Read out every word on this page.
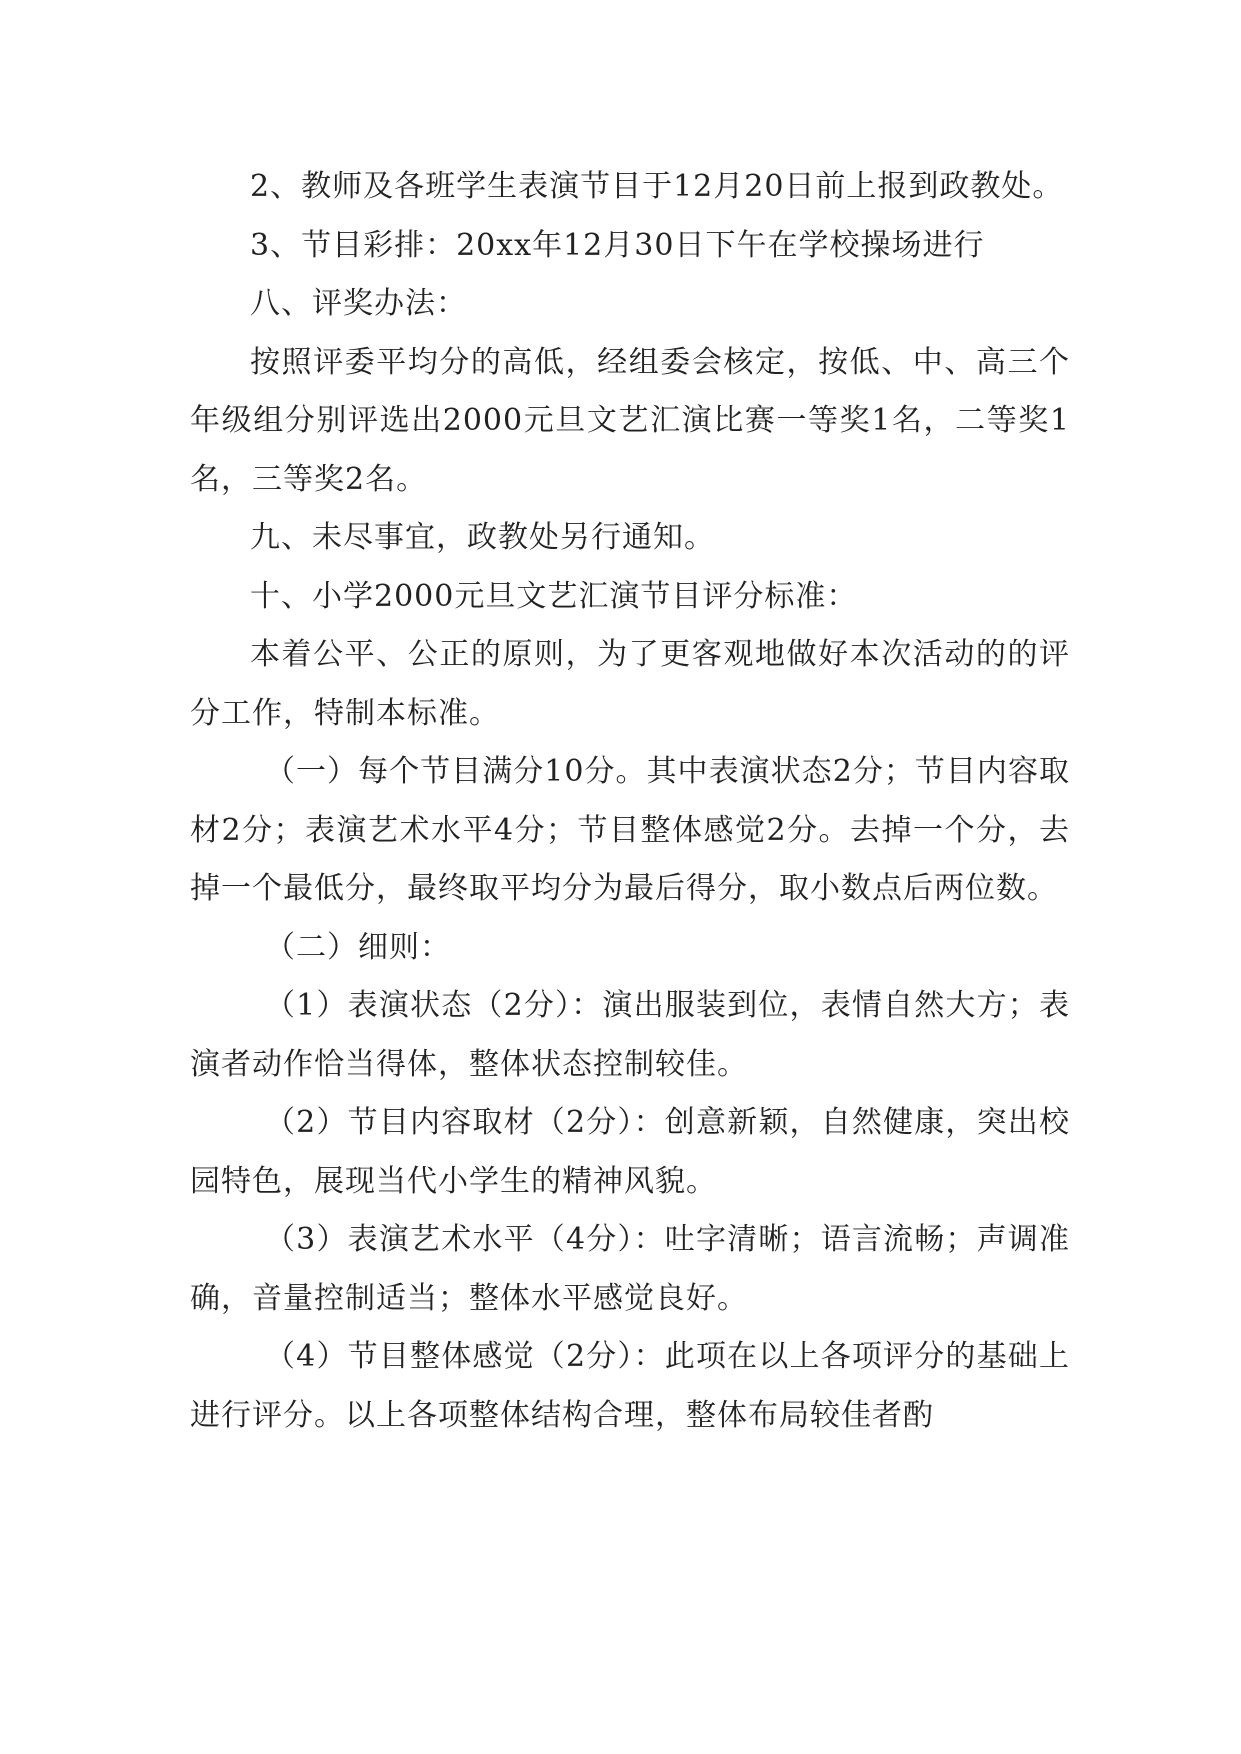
2、教师及各班学生表演节目于12月20日前上报到政教处。

3、节目彩排：20xx年12月30日下午在学校操场进行

八、评奖办法：

按照评委平均分的高低，经组委会核定，按低、中、高三个年级组分别评选出2000元旦文艺汇演比赛一等奖1名，二等奖1名，三等奖2名。

九、未尽事宜，政教处另行通知。

十、小学2000元旦文艺汇演节目评分标准：

本着公平、公正的原则，为了更客观地做好本次活动的的评分工作，特制本标准。

（一）每个节目满分10分。其中表演状态2分；节目内容取材2分；表演艺术水平4分；节目整体感觉2分。去掉一个分，去掉一个最低分，最终取平均分为最后得分，取小数点后两位数。

（二）细则：

（1）表演状态（2分）：演出服装到位，表情自然大方；表演者动作恰当得体，整体状态控制较佳。

（2）节目内容取材（2分）：创意新颖，自然健康，突出校园特色，展现当代小学生的精神风貌。

（3）表演艺术水平（4分）：吐字清晰；语言流畅；声调准确，音量控制适当；整体水平感觉良好。

（4）节目整体感觉（2分）：此项在以上各项评分的基础上进行评分。以上各项整体结构合理，整体布局较佳者酌
